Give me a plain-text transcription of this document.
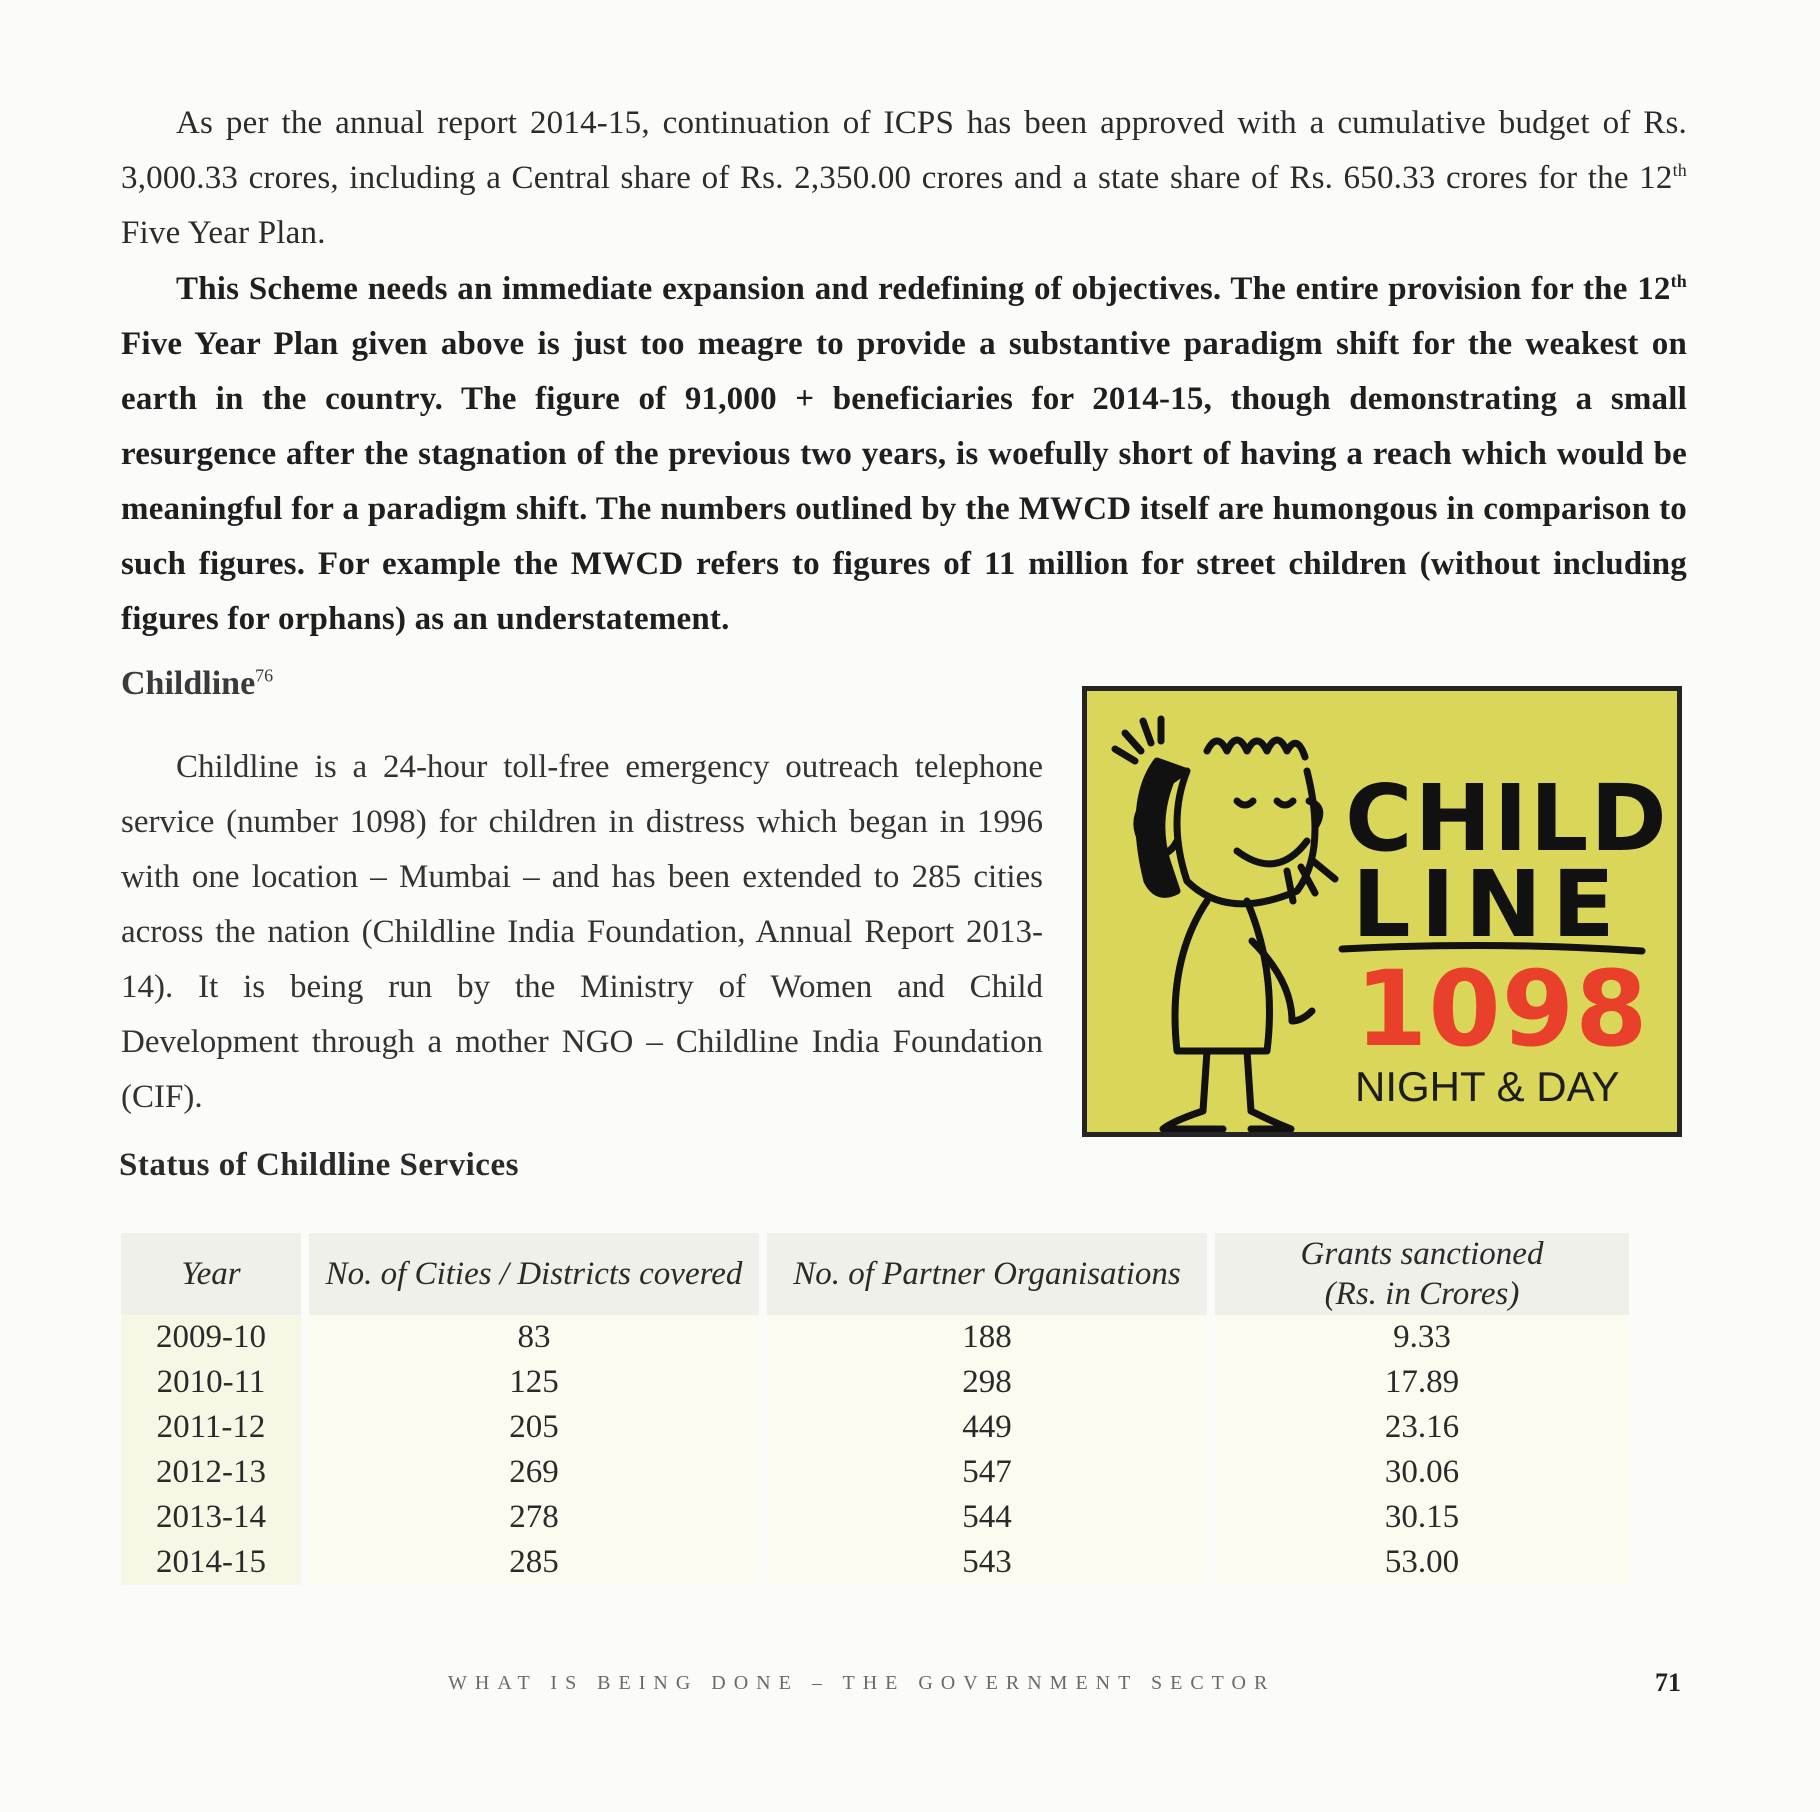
As per the annual report 2014-15, continuation of ICPS has been approved with a cumulative budget of Rs. 3,000.33 crores, including a Central share of Rs. 2,350.00 crores and a state share of Rs. 650.33 crores for the 12th Five Year Plan.

This Scheme needs an immediate expansion and redefining of objectives. The entire provision for the 12th Five Year Plan given above is just too meagre to provide a substantive paradigm shift for the weakest on earth in the country. The figure of 91,000 + beneficiaries for 2014-15, though demonstrating a small resurgence after the stagnation of the previous two years, is woefully short of having a reach which would be meaningful for a paradigm shift. The numbers outlined by the MWCD itself are humongous in comparison to such figures. For example the MWCD refers to figures of 11 million for street children (without including figures for orphans) as an understatement.

Childline$^{76}$

Childline is a 24-hour toll-free emergency outreach telephone service (number 1098) for children in distress which began in 1996 with one location – Mumbai – and has been extended to 285 cities across the nation (Childline India Foundation, Annual Report 2013-14). It is being run by the Ministry of Women and Child Development through a mother NGO – Childline India Foundation (CIF).

CHILD
LINE
1098
NIGHT & DAY
Status of Childline Services
Year		No. of Cities / Districts covered		No. of Partner Organisations		Grants sanctioned
(Rs. in Crores)
2009-10		83		188		9.33
2010-11		125		298		17.89
2011-12		205		449		23.16
2012-13		269		547		30.06
2013-14		278		544		30.15
2014-15		285		543		53.00

WHAT IS BEING DONE – THE GOVERNMENT SECTOR	71
